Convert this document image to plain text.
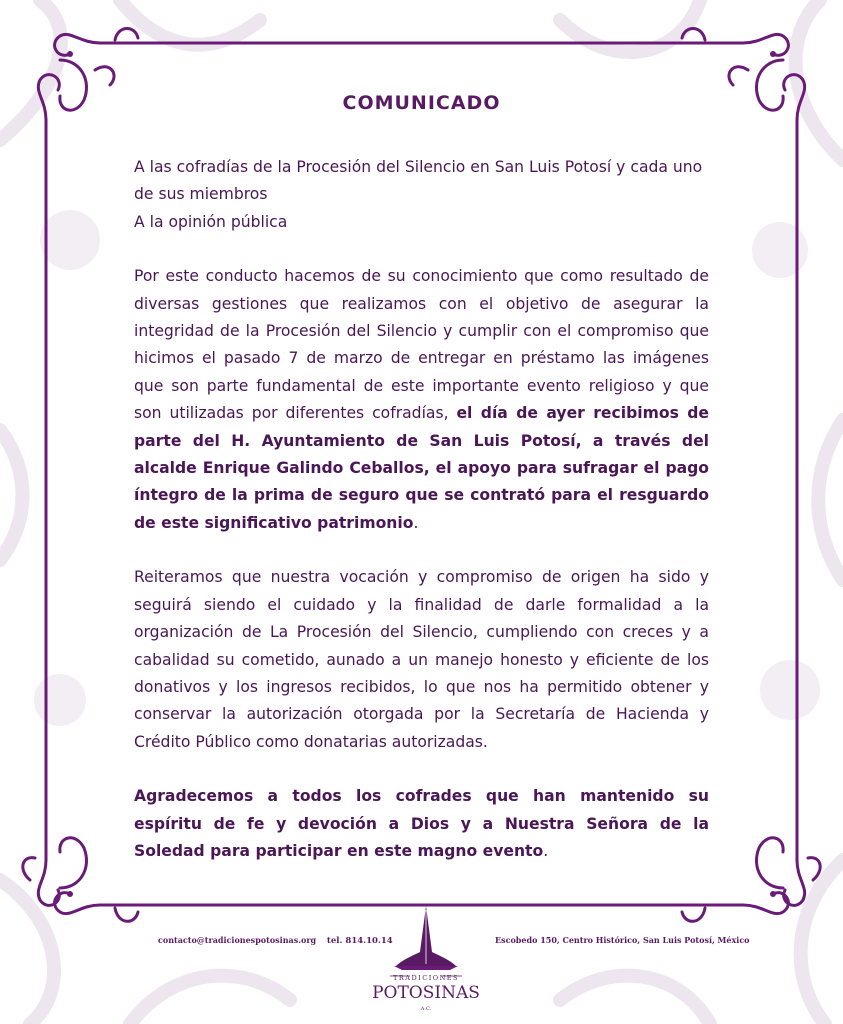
COMUNICADO

A las cofradías de la Procesión del Silencio en San Luis Potosí y cada uno de sus miembros
A la opinión pública

Por este conducto hacemos de su conocimiento que como resultado de diversas gestiones que realizamos con el objetivo de asegurar la integridad de la Procesión del Silencio y cumplir con el compromiso que hicimos el pasado 7 de marzo de entregar en préstamo las imágenes que son parte fundamental de este importante evento religioso y que son utilizadas por diferentes cofradías, el día de ayer recibimos de parte del H. Ayuntamiento de San Luis Potosí, a través del alcalde Enrique Galindo Ceballos, el apoyo para sufragar el pago íntegro de la prima de seguro que se contrató para el resguardo de este significativo patrimonio.

Reiteramos que nuestra vocación y compromiso de origen ha sido y seguirá siendo el cuidado y la finalidad de darle formalidad a la organización de La Procesión del Silencio, cumpliendo con creces y a cabalidad su cometido, aunado a un manejo honesto y eficiente de los donativos y los ingresos recibidos, lo que nos ha permitido obtener y conservar la autorización otorgada por la Secretaría de Hacienda y Crédito Público como donatarias autorizadas.

Agradecemos a todos los cofrades que han mantenido su espíritu de fe y devoción a Dios y a Nuestra Señora de la Soledad para participar en este magno evento.

contacto@tradicionespotosinas.org tel. 814.10.14	Escobedo 150, Centro Histórico, San Luis Potosí, México
TRADICIONES
POTOSINAS
A.C.
